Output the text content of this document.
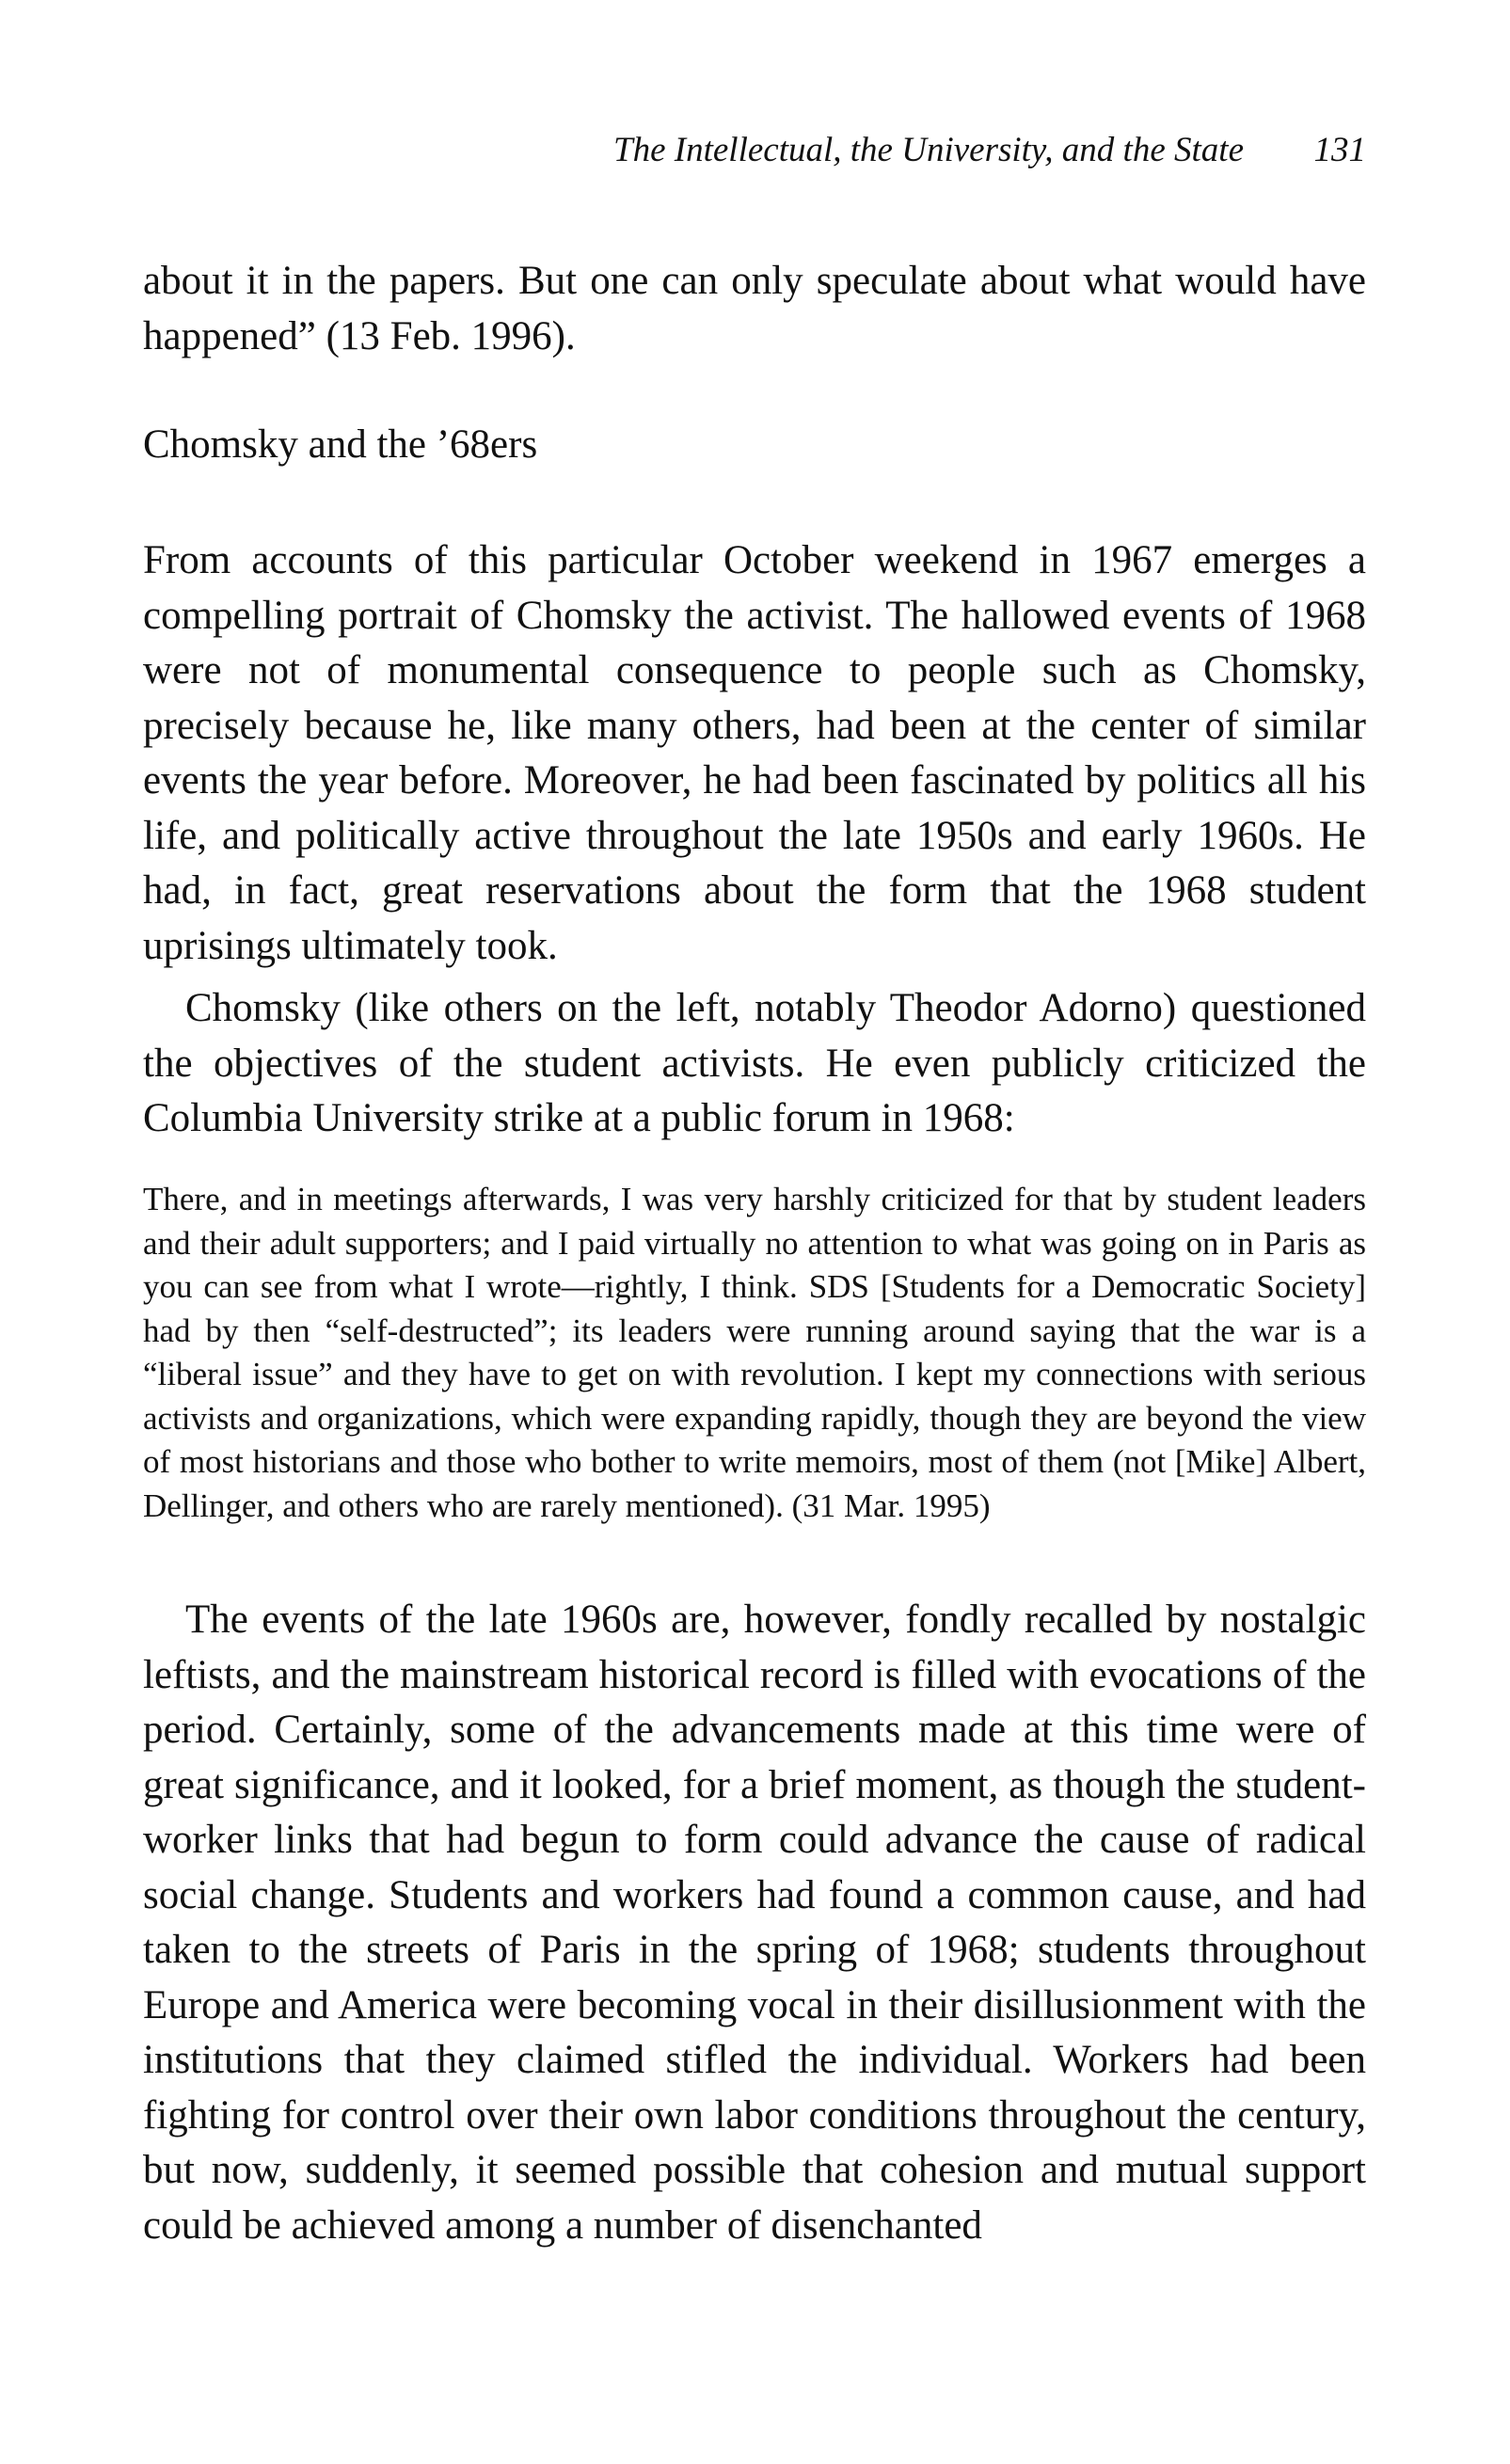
The Intellectual, the University, and the State 131

about it in the papers. But one can only speculate about what would have happened” (13 Feb. 1996).

Chomsky and the ’68ers

From accounts of this particular October weekend in 1967 emerges a compelling portrait of Chomsky the activist. The hallowed events of 1968 were not of monumental consequence to people such as Chomsky, precisely because he, like many others, had been at the center of similar events the year before. Moreover, he had been fascinated by politics all his life, and politically active throughout the late 1950s and early 1960s. He had, in fact, great reservations about the form that the 1968 student uprisings ultimately took.

Chomsky (like others on the left, notably Theodor Adorno) questioned the objectives of the student activists. He even publicly criticized the Columbia University strike at a public forum in 1968:

There, and in meetings afterwards, I was very harshly criticized for that by student leaders and their adult supporters; and I paid virtually no attention to what was going on in Paris as you can see from what I wrote—rightly, I think. SDS [Students for a Democratic Society] had by then “self-destructed”; its leaders were running around saying that the war is a “liberal issue” and they have to get on with revolution. I kept my connections with serious activists and organizations, which were expanding rapidly, though they are beyond the view of most historians and those who bother to write memoirs, most of them (not [Mike] Albert, Dellinger, and others who are rarely mentioned). (31 Mar. 1995)

The events of the late 1960s are, however, fondly recalled by nostalgic leftists, and the mainstream historical record is filled with evocations of the period. Certainly, some of the advancements made at this time were of great significance, and it looked, for a brief moment, as though the student-worker links that had begun to form could advance the cause of radical social change. Students and workers had found a common cause, and had taken to the streets of Paris in the spring of 1968; students throughout Europe and America were becoming vocal in their disillusionment with the institutions that they claimed stifled the individual. Workers had been fighting for control over their own labor conditions throughout the century, but now, suddenly, it seemed possible that cohesion and mutual support could be achieved among a number of disenchanted
